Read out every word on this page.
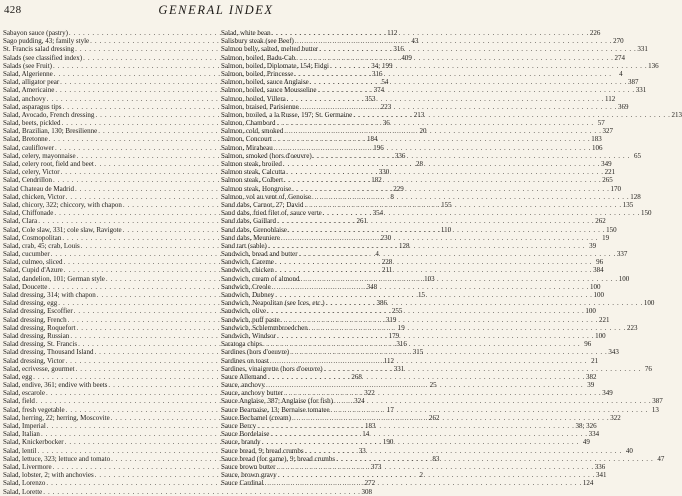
428	GENERAL INDEX
Sabayon sauce (pastry) . . .	112
Sago pudding, 43; family style . . .	43
St. Francis salad dressing . . .	316
Salads (see classified index) . . .	409
Salads (see Fruit) . . .	34; 199
Salad, Algerienne . . .	316
Salad, alligator pear . . .	54
Salad, Americaine . . .	374
Salad, anchovy . . .	353
Salad, asparagus tips . . .	223
Salad, Avocado, French dressing . . .	213
Salad, beets, pickled . . .	36
Salad, Brazilian, 130; Bresilienne . . .	20
Salad, Bretonne . . .	184
Salad, cauliflower . . .	196
Salad, celery, mayonnaise . . .	336
Salad, celery root, field and beet . . .	28
Salad, celery, Victor . . .	330
Salad, Cendrillon . . .	182
Salad Chateau de Madrid . . .	229
Salad, chicken, Victor . . .	8
Salad, chicory, 322; chiccory, with chapon . . .	155
Salad, Chiffonade . . .	354
Salad, Clara . . .	261
Salad, Cole slaw, 331; cole slaw, Ravigote . . .	110
Salad, Cosmopolitan . . .	230
Salad, crab, 45; crab, Louis . . .	128
Salad, cucumber . . .	4
Salad, culmeo, sliced . . .	228
Salad, Cupid d'Azure . . .	211
Salad, dandelion, 101; German style . . .	103
Salad, Doucette . . .	348
Salad dressing, 314; with chapon . . .	15
Salad dressing, egg . . .	386
Salad dressing, Escoffier . . .	255
Salad dressing, French . . .	319
Salad dressing, Roquefort . . .	19
Salad dressing, Russian . . .	179
Salad dressing, St. Francis . . .	316
Salad dressing, Thousand Island . . .	315
Salad dressing, Victor . . .	112
Salad, ecrivesse, gourmet . . .	331
Salad, egg . . .	268
Salad, endive, 361; endive with beets . . .	25
Salad, escarole . . .	322
Salad, field . . .	324
Salad, fresh vegetable . . .	17
Salad, herring, 22; herring, Moscovite . . .	262
Salad, Imperial . . .	183
Salad, Italian . . .	14
Salad, Knickerbocker . . .	190
Salad, lentil . . .	33
Salad, lettuce, 323; lettuce and tomato . . .	83
Salad, Livermore . . .	373
Salad, lobster, 2; with anchovies . . .	2
Salad, Lorenzo . . .	272
Salad, Lorette . . .	308
Salad, white bean . . .	226
Salisbury steak (see Beef) . . .	270
Salmon belly, salted, melted butter . . .	331
Salmon, boiled, Badu-Cab . . .	274
Salmon, boiled, Diplomate, 154; Fidgi . . .	136
Salmon, boiled, Princesse . . .	4
Salmon, boiled, sauce Anglaise . . .	387
Salmon, boiled, sauce Mousseline . . .	331
Salmon, boiled, Villera . . .	112
Salmon, braised, Parisienne . . .	369
Salmon, broiled, a la Russe, 197; St. Germaine . . .	213
Salmon, Chambord . . .	57
Salmon, cold, smoked . . .	327
Salmon, Concourt . . .	183
Salmon, Mirabeau . . .	106
Salmon, smoked (hors d'oeuvre) . . .	65
Salmon steak, broiled . . .	349
Salmon steak, Calcutta . . .	221
Salmon steak, Colbert . . .	265
Salmon steak, Hongroise . . .	170
Salmon, vol au vent of, Genoise . . .	128
Sand dabs, Carnot, 27; David . . .	135
Sand dabs, fried filet of, sauce verte . . .	150
Sand dabs, Gaillard . . .	262
Sand dabs, Grenoblaise . . .	150
Sand dabs, Meuniere . . .	19
Sand tart (sable) . . .	39
Sandwich, bread and butter . . .	337
Sandwich, Careme . . .	96
Sandwich, chicken . . .	384
Sandwich, cream of almond . . .	100
Sandwich, Creole . . .	100
Sandwich, Dubney . . .	100
Sandwich, Neapolitan (see Ices, etc.) . . .	100
Sandwich, olive . . .	100
Sandwich, puff paste . . .	221
Sandwich, Schlemmbroedchen . . .	223
Sandwich, Windsor . . .	100
Saratoga chips . . .	96
Sardines (hors d'oeuvre) . . .	343
Sardines on toast . . .	21
Sardines, vinaigrette (hors d'oeuvre) . . .	76
Sauce Allemand . . .	382
Sauce, anchovy . . .	39
Sauce, anchovy butter . . .	349
Sauce Anglaise, 387; Anglaise (for fish) . . .	387
Sauce Bearnaise, 13; Bernaise tomatee . . .	13
Sauce Bechamel (cream) . . .	322
Sauce Bercy . . .	38; 326
Sauce Bordelaise . . .	334
Sauce, brandy . . .	49
Sauce bread, 9; bread crumbs . . .	40
Sauce bread (for game), 9; bread crumbs . . .	47
Sauce brown butter . . .	336
Sauce, brown gravy . . .	341
Sauce Cardinal . . .	124
